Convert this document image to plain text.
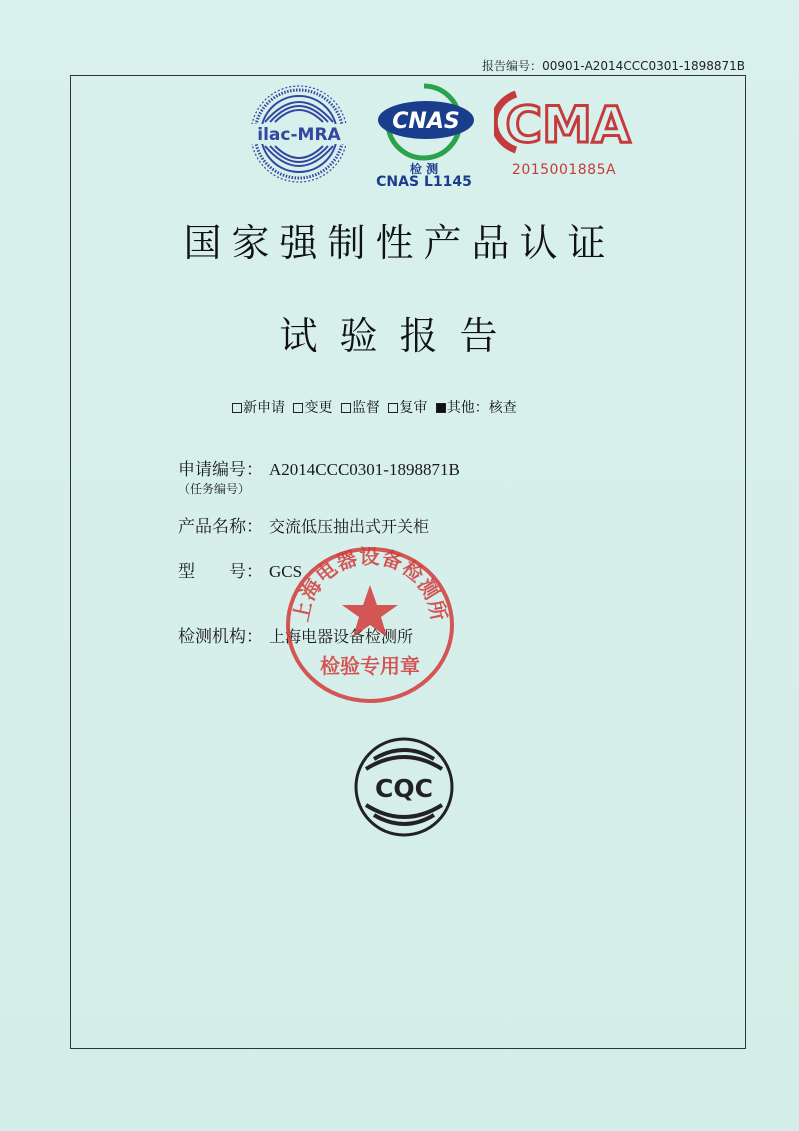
报告编号：00901-A2014CCC0301-1898871B
ilac-MRA
CNAS
检 测
CNAS L1145
CMA
2015001885A
国家强制性产品认证
试验报告
新申请 变更 监督 复审 其他：核查
申请编号： A2014CCC0301-1898871B
（任务编号）
产品名称： 交流低压抽出式开关柜
型　　号： GCS
检测机构： 上海电器设备检测所
上海电器设备检测所
检验专用章
CQC
